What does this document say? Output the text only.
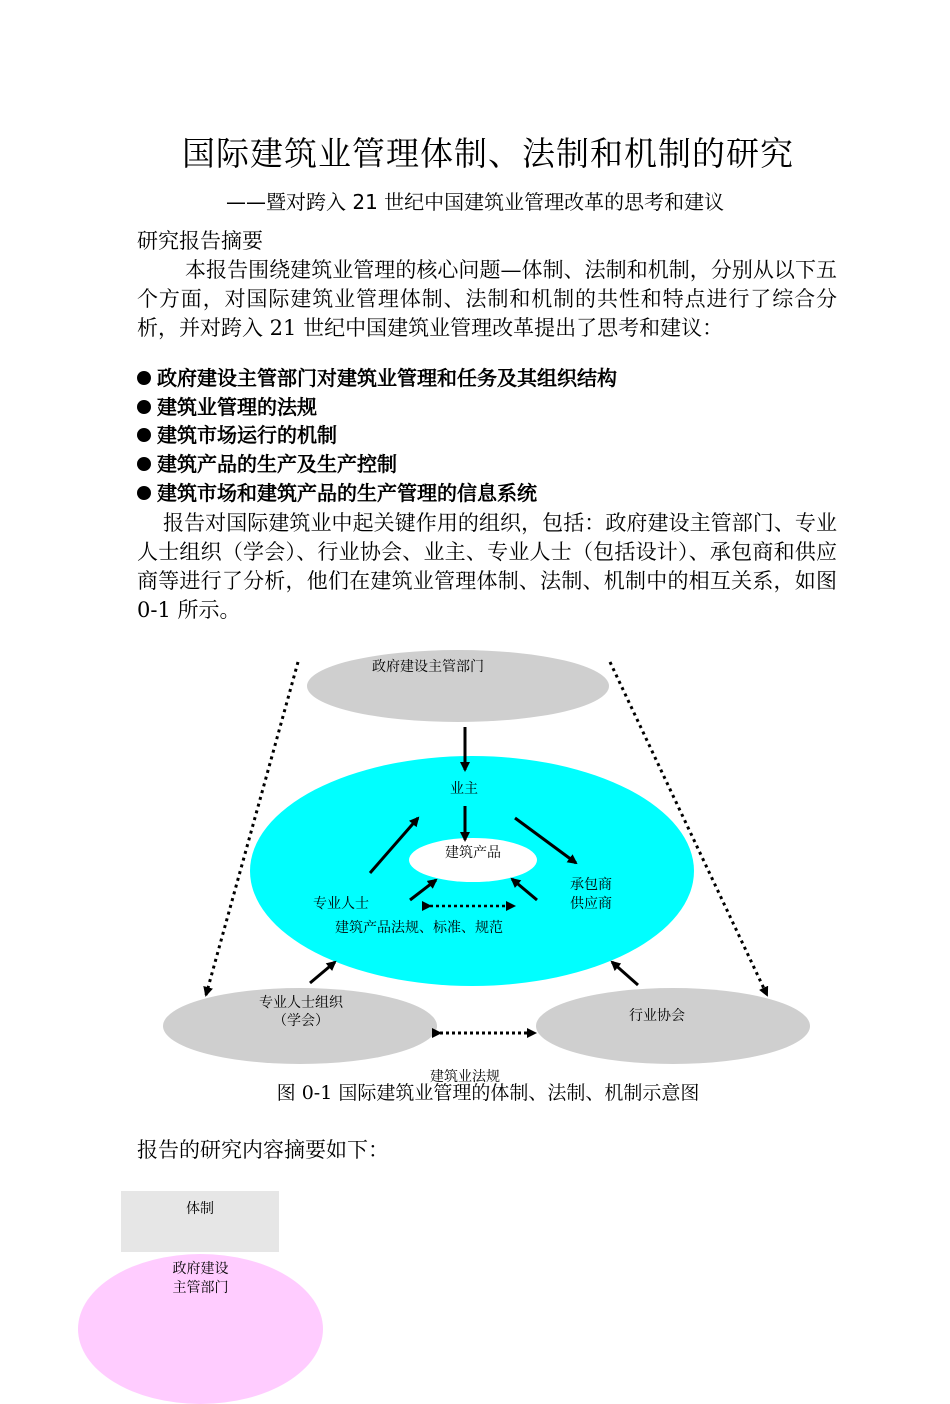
国际建筑业管理体制、法制和机制的研究
——暨对跨入 21 世纪中国建筑业管理改革的思考和建议
研究报告摘要
本报告围绕建筑业管理的核心问题—体制、法制和机制，分别从以下五个方面，对国际建筑业管理体制、法制和机制的共性和特点进行了综合分析，并对跨入 21 世纪中国建筑业管理改革提出了思考和建议：
政府建设主管部门对建筑业管理和任务及其组织结构
建筑业管理的法规
建筑市场运行的机制
建筑产品的生产及生产控制
建筑市场和建筑产品的生产管理的信息系统
报告对国际建筑业中起关键作用的组织，包括：政府建设主管部门、专业人士组织（学会）、行业协会、业主、专业人士（包括设计）、承包商和供应商等进行了分析，他们在建筑业管理体制、法制、机制中的相互关系，如图 0-1 所示。
政府建设主管部门
业主
建筑产品
专业人士
承包商
供应商
建筑产品法规、标准、规范
专业人士组织
（学会）	行业协会
建筑业法规
图 0-1 国际建筑业管理的体制、法制、机制示意图
报告的研究内容摘要如下：
体制
政府建设
主管部门
